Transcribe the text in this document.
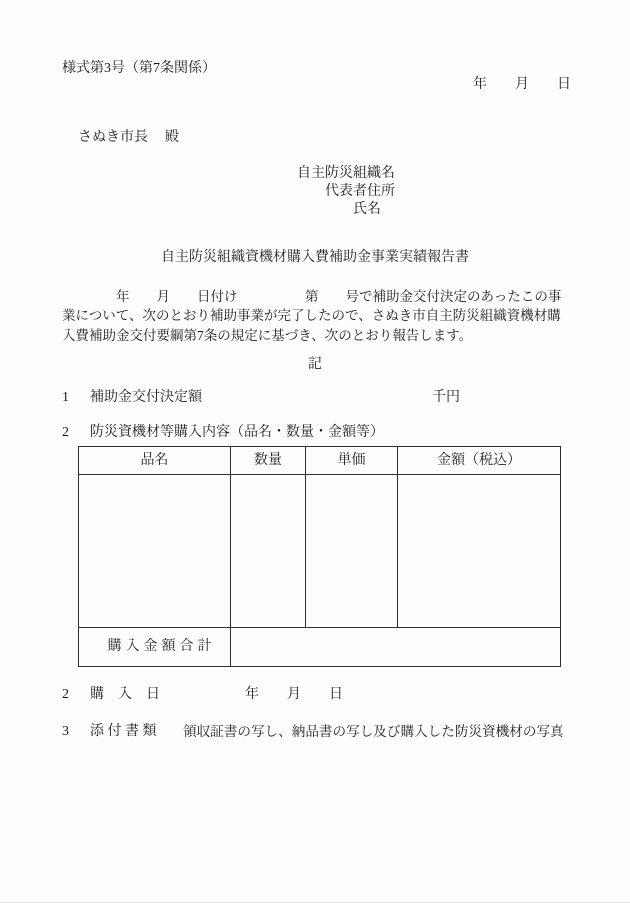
様式第3号（第7条関係）
年　　月　　日

さぬき市長

殿

自主防災組織名
代表者住所
氏名
自主防災組織資機材購入費補助金事業実績報告書
　　　　年　　月　　日付け　　　　　第　　号で補助金交付決定のあったこの事
業について、次のとおり補助事業が完了したので、さぬき市自主防災組織資機材購
入費補助金交付要綱第7条の規定に基づき、次のとおり報告します。
記
1 補助金交付決定額	千円
2 防災資機材等購入内容（品名・数量・金額等）
品名	数量	単価	金額（税込）

購入金額合計			
2 購　入　日	年　　月　　日
3 添 付 書 類 領収証書の写し、納品書の写し及び購入した防災資機材の写真
